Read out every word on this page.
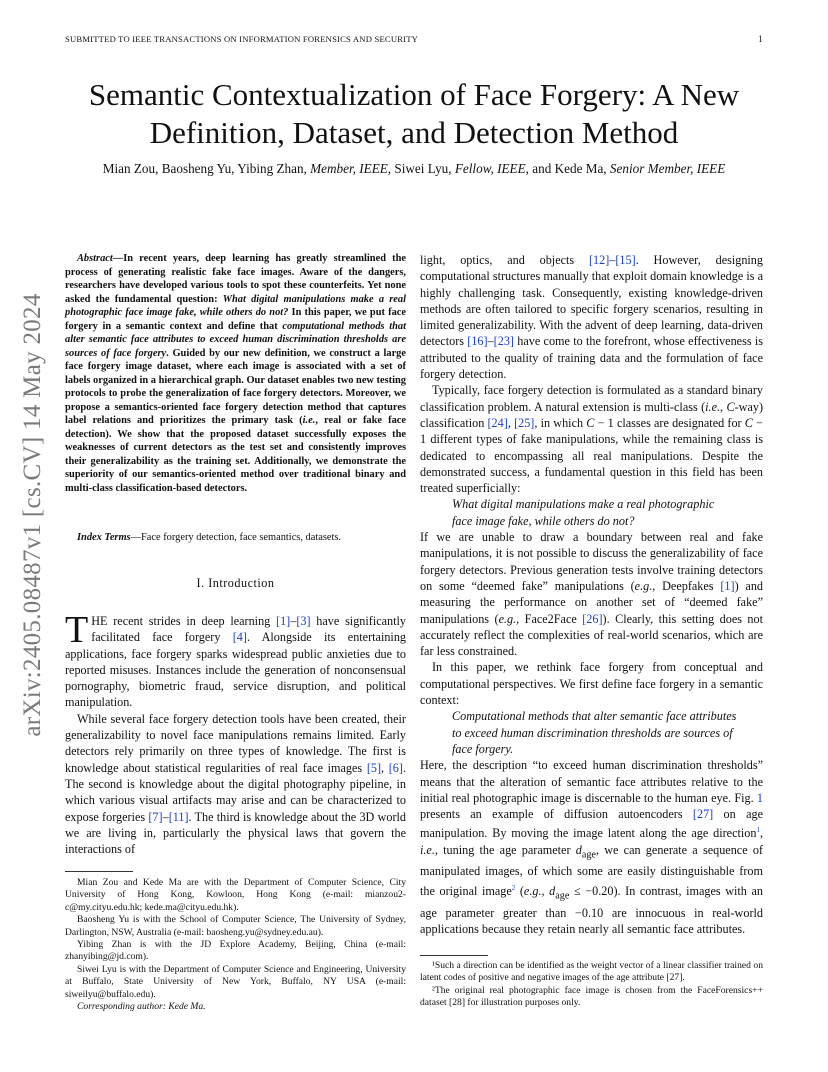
SUBMITTED TO IEEE TRANSACTIONS ON INFORMATION FORENSICS AND SECURITY	1
arXiv:2405.08487v1 [cs.CV] 14 May 2024
Semantic Contextualization of Face Forgery: A New Definition, Dataset, and Detection Method
Mian Zou, Baosheng Yu, Yibing Zhan, Member, IEEE, Siwei Lyu, Fellow, IEEE, and Kede Ma, Senior Member, IEEE

Abstract—In recent years, deep learning has greatly streamlined the process of generating realistic fake face images. Aware of the dangers, researchers have developed various tools to spot these counterfeits. Yet none asked the fundamental question: What digital manipulations make a real photographic face image fake, while others do not? In this paper, we put face forgery in a semantic context and define that computational methods that alter semantic face attributes to exceed human discrimination thresholds are sources of face forgery. Guided by our new definition, we construct a large face forgery image dataset, where each image is associated with a set of labels organized in a hierarchical graph. Our dataset enables two new testing protocols to probe the generalization of face forgery detectors. Moreover, we propose a semantics-oriented face forgery detection method that captures label relations and prioritizes the primary task (i.e., real or fake face detection). We show that the proposed dataset successfully exposes the weaknesses of current detectors as the test set and consistently improves their generalizability as the training set. Additionally, we demonstrate the superiority of our semantics-oriented method over traditional binary and multi-class classification-based detectors.

Index Terms—Face forgery detection, face semantics, datasets.

I. Introduction

THE recent strides in deep learning [1]–[3] have significantly facilitated face forgery [4]. Alongside its entertaining applications, face forgery sparks widespread public anxieties due to reported misuses. Instances include the generation of nonconsensual pornography, biometric fraud, service disruption, and political manipulation.

While several face forgery detection tools have been created, their generalizability to novel face manipulations remains limited. Early detectors rely primarily on three types of knowledge. The first is knowledge about statistical regularities of real face images [5], [6]. The second is knowledge about the digital photography pipeline, in which various visual artifacts may arise and can be characterized to expose forgeries [7]–[11]. The third is knowledge about the 3D world we are living in, particularly the physical laws that govern the interactions of

Mian Zou and Kede Ma are with the Department of Computer Science, City University of Hong Kong, Kowloon, Hong Kong (e-mail: mianzou2-c@my.cityu.edu.hk; kede.ma@cityu.edu.hk).

Baosheng Yu is with the School of Computer Science, The University of Sydney, Darlington, NSW, Australia (e-mail: baosheng.yu@sydney.edu.au).

Yibing Zhan is with the JD Explore Academy, Beijing, China (e-mail: zhanyibing@jd.com).

Siwei Lyu is with the Department of Computer Science and Engineering, University at Buffalo, State University of New York, Buffalo, NY USA (e-mail: siweilyu@buffalo.edu).

Corresponding author: Kede Ma.

light, optics, and objects [12]–[15]. However, designing computational structures manually that exploit domain knowledge is a highly challenging task. Consequently, existing knowledge-driven methods are often tailored to specific forgery scenarios, resulting in limited generalizability. With the advent of deep learning, data-driven detectors [16]–[23] have come to the forefront, whose effectiveness is attributed to the quality of training data and the formulation of face forgery detection.

Typically, face forgery detection is formulated as a standard binary classification problem. A natural extension is multi-class (i.e., C-way) classification [24], [25], in which C − 1 classes are designated for C − 1 different types of fake manipulations, while the remaining class is dedicated to encompassing all real manipulations. Despite the demonstrated success, a fundamental question in this field has been treated superficially:

What digital manipulations make a real photographic face image fake, while others do not?

If we are unable to draw a boundary between real and fake manipulations, it is not possible to discuss the generalizability of face forgery detectors. Previous generation tests involve training detectors on some “deemed fake” manipulations (e.g., Deepfakes [1]) and measuring the performance on another set of “deemed fake” manipulations (e.g., Face2Face [26]). Clearly, this setting does not accurately reflect the complexities of real-world scenarios, which are far less constrained.

In this paper, we rethink face forgery from conceptual and computational perspectives. We first define face forgery in a semantic context:

Computational methods that alter semantic face attributes to exceed human discrimination thresholds are sources of face forgery.

Here, the description “to exceed human discrimination thresholds” means that the alteration of semantic face attributes relative to the initial real photographic image is discernable to the human eye. Fig. 1 presents an example of diffusion autoencoders [27] on age manipulation. By moving the image latent along the age direction$^1$, i.e., tuning the age parameter $d_{age}$, we can generate a sequence of manipulated images, of which some are easily distinguishable from the original image$^2$ (e.g., $d_{age} \le -0.20$). In contrast, images with an age parameter greater than −0.10 are innocuous in real-world applications because they retain nearly all semantic face attributes.

¹Such a direction can be identified as the weight vector of a linear classifier trained on latent codes of positive and negative images of the age attribute [27].

²The original real photographic face image is chosen from the FaceForensics++ dataset [28] for illustration purposes only.
